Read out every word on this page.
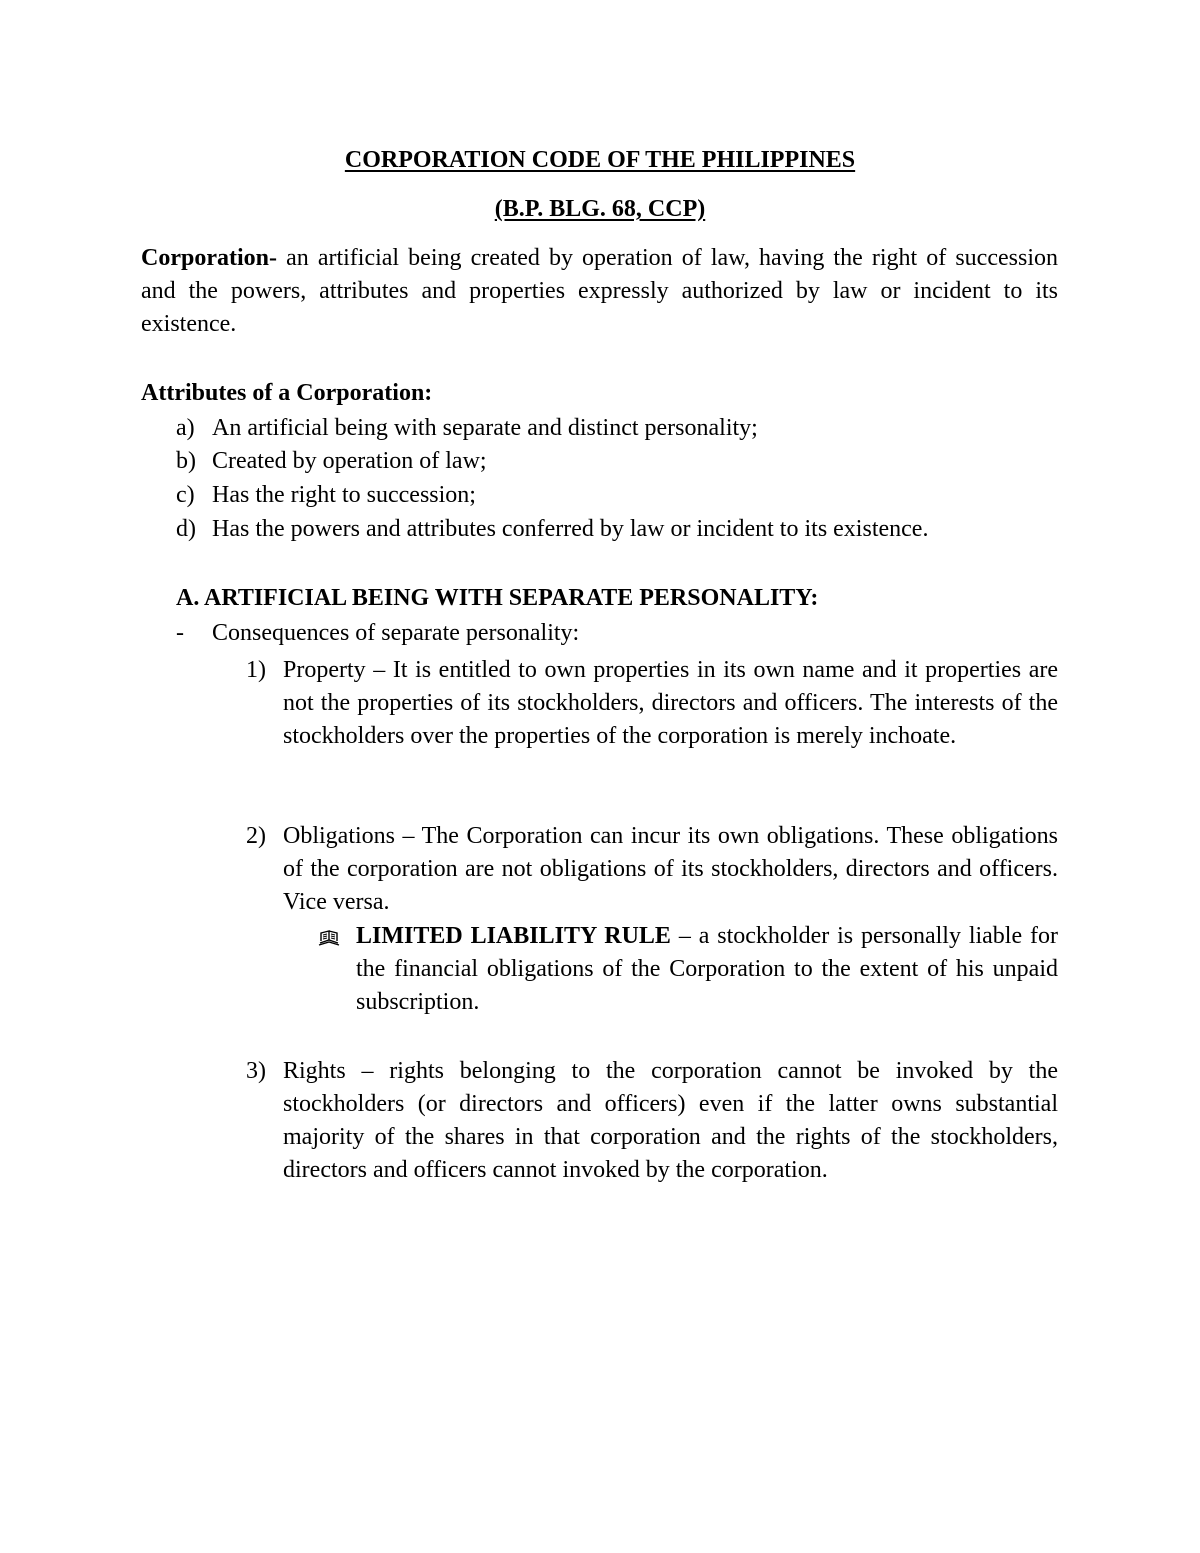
CORPORATION CODE OF THE PHILIPPINES
(B.P. BLG. 68, CCP)
Corporation- an artificial being created by operation of law, having the right of succession and the powers, attributes and properties expressly authorized by law or incident to its existence.
Attributes of a Corporation:
a) An artificial being with separate and distinct personality;
b) Created by operation of law;
c) Has the right to succession;
d) Has the powers and attributes conferred by law or incident to its existence.
A. ARTIFICIAL BEING WITH SEPARATE PERSONALITY:
- Consequences of separate personality:
1) Property – It is entitled to own properties in its own name and it properties are not the properties of its stockholders, directors and officers. The interests of the stockholders over the properties of the corporation is merely inchoate.
2) Obligations – The Corporation can incur its own obligations. These obligations of the corporation are not obligations of its stockholders, directors and officers. Vice versa.
LIMITED LIABILITY RULE – a stockholder is personally liable for the financial obligations of the Corporation to the extent of his unpaid subscription.
3) Rights – rights belonging to the corporation cannot be invoked by the stockholders (or directors and officers) even if the latter owns substantial majority of the shares in that corporation and the rights of the stockholders, directors and officers cannot invoked by the corporation.
